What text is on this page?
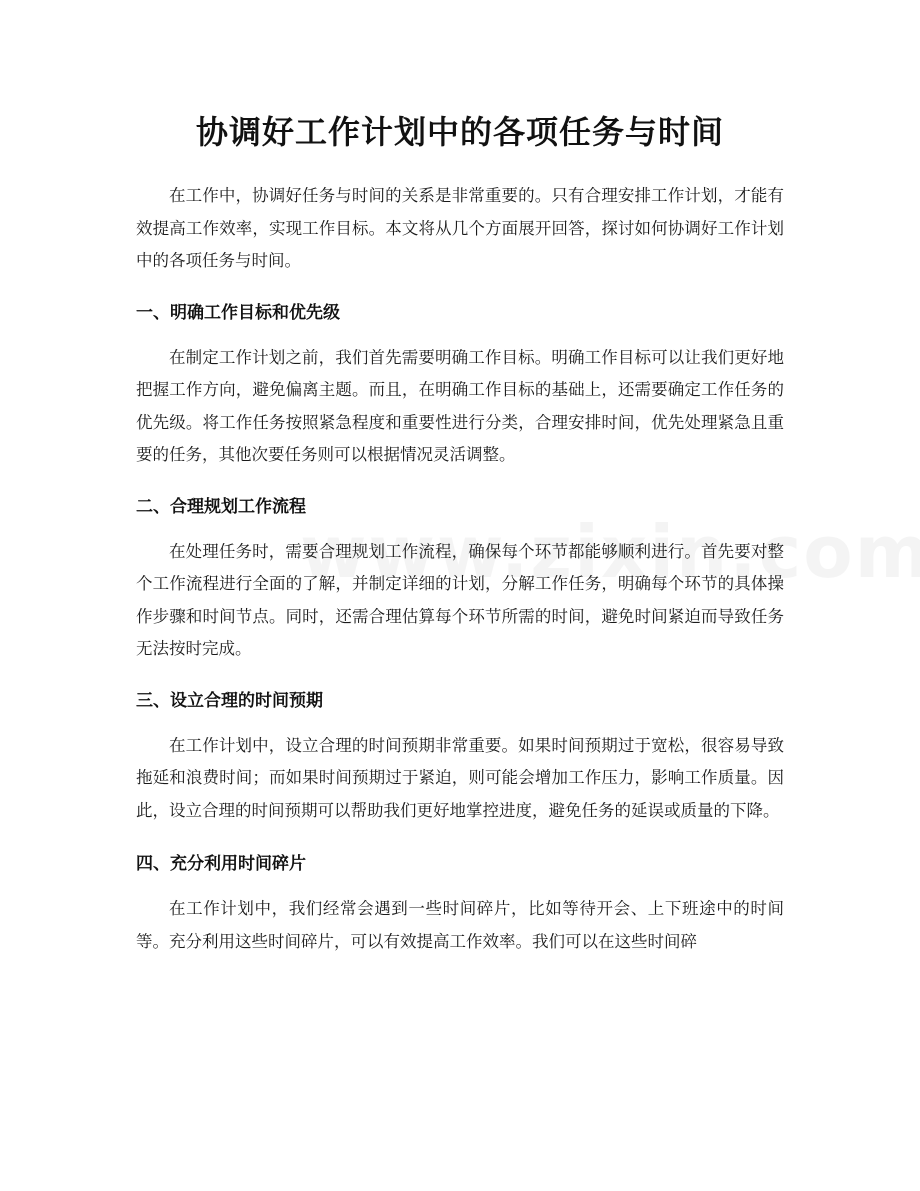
协调好工作计划中的各项任务与时间

在工作中，协调好任务与时间的关系是非常重要的。只有合理安排工作计划，才能有效提高工作效率，实现工作目标。本文将从几个方面展开回答，探讨如何协调好工作计划中的各项任务与时间。

一、明确工作目标和优先级

在制定工作计划之前，我们首先需要明确工作目标。明确工作目标可以让我们更好地把握工作方向，避免偏离主题。而且，在明确工作目标的基础上，还需要确定工作任务的优先级。将工作任务按照紧急程度和重要性进行分类，合理安排时间，优先处理紧急且重要的任务，其他次要任务则可以根据情况灵活调整。

二、合理规划工作流程

在处理任务时，需要合理规划工作流程，确保每个环节都能够顺利进行。首先要对整个工作流程进行全面的了解，并制定详细的计划，分解工作任务，明确每个环节的具体操作步骤和时间节点。同时，还需合理估算每个环节所需的时间，避免时间紧迫而导致任务无法按时完成。

三、设立合理的时间预期

在工作计划中，设立合理的时间预期非常重要。如果时间预期过于宽松，很容易导致拖延和浪费时间；而如果时间预期过于紧迫，则可能会增加工作压力，影响工作质量。因此，设立合理的时间预期可以帮助我们更好地掌控进度，避免任务的延误或质量的下降。

四、充分利用时间碎片

在工作计划中，我们经常会遇到一些时间碎片，比如等待开会、上下班途中的时间等。充分利用这些时间碎片，可以有效提高工作效率。我们可以在这些时间碎
